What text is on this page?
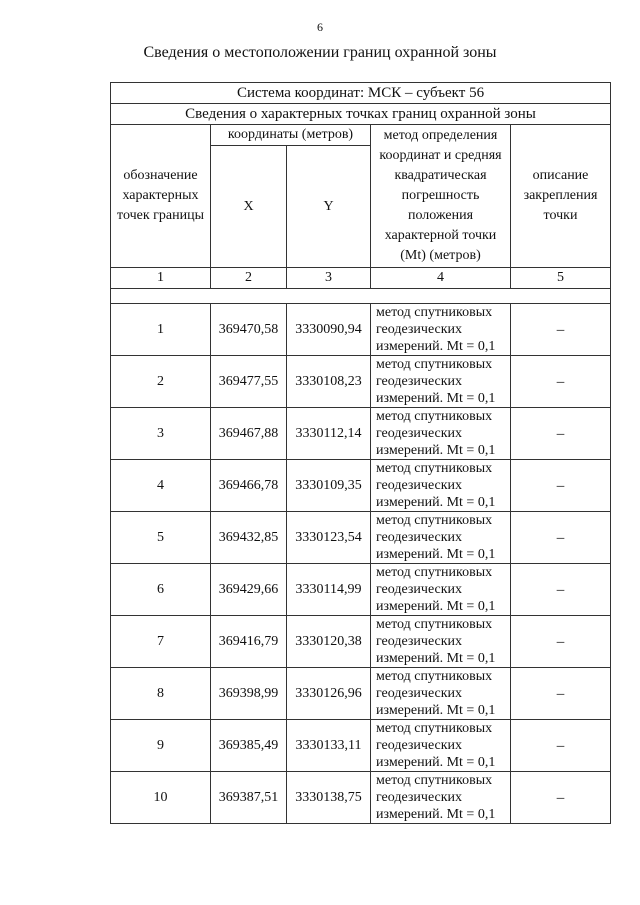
6
Сведения о местоположении границ охранной зоны
Система координат: МСК – субъект 56				
Сведения о характерных точках границ охранной зоны				
обозначение характерных точек границы	координаты (метров)		метод определения координат и средняя квадратическая погрешность положения характерной точки (Mt) (метров)	описание закрепления точки
	X	Y		
1	2	3	4	5

1	369470,58	3330090,94	метод спутниковых геодезических измерений. Mt = 0,1	–
2	369477,55	3330108,23	метод спутниковых геодезических измерений. Mt = 0,1	–
3	369467,88	3330112,14	метод спутниковых геодезических измерений. Mt = 0,1	–
4	369466,78	3330109,35	метод спутниковых геодезических измерений. Mt = 0,1	–
5	369432,85	3330123,54	метод спутниковых геодезических измерений. Mt = 0,1	–
6	369429,66	3330114,99	метод спутниковых геодезических измерений. Mt = 0,1	–
7	369416,79	3330120,38	метод спутниковых геодезических измерений. Mt = 0,1	–
8	369398,99	3330126,96	метод спутниковых геодезических измерений. Mt = 0,1	–
9	369385,49	3330133,11	метод спутниковых геодезических измерений. Mt = 0,1	–
10	369387,51	3330138,75	метод спутниковых геодезических измерений. Mt = 0,1	–
